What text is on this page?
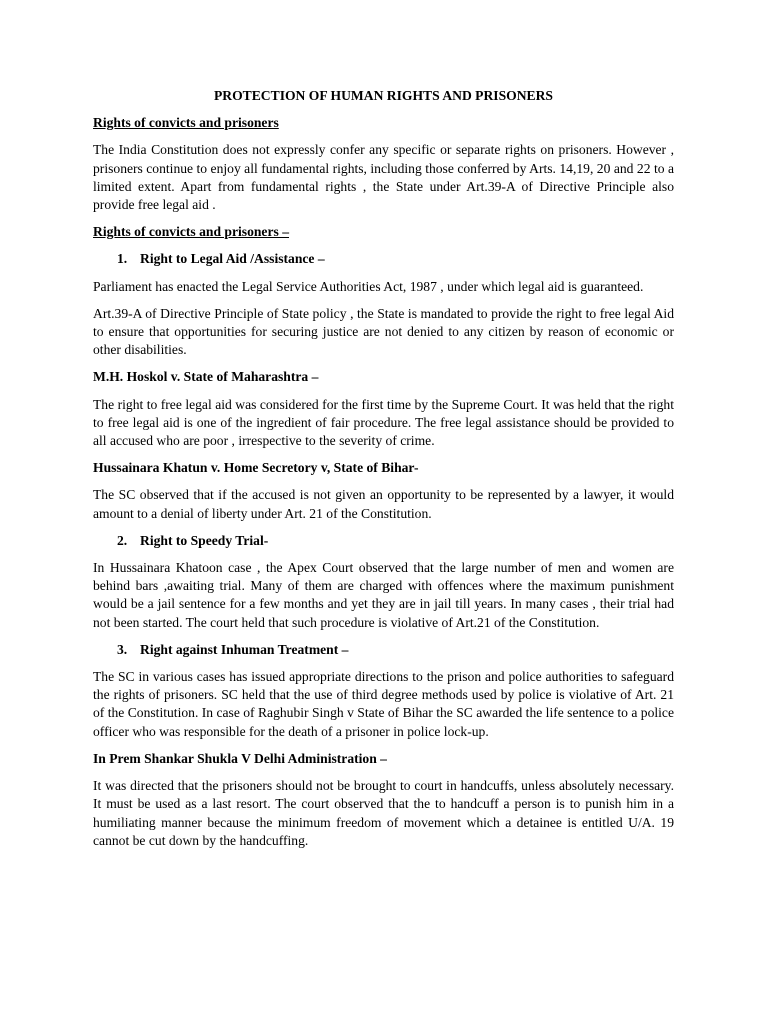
PROTECTION OF HUMAN RIGHTS AND PRISONERS

Rights of convicts and prisoners

The India Constitution does not expressly confer any specific or separate rights on prisoners. However , prisoners continue to enjoy all fundamental rights, including those conferred by Arts. 14,19, 20 and 22 to a limited extent. Apart from fundamental rights , the State under Art.39-A of Directive Principle also provide free legal aid .

Rights of convicts and prisoners –

1. Right to Legal Aid /Assistance –

Parliament has enacted the Legal Service Authorities Act, 1987 , under which legal aid is guaranteed.

Art.39-A of Directive Principle of State policy , the State is mandated to provide the right to free legal Aid to ensure that opportunities for securing justice are not denied to any citizen by reason of economic or other disabilities.

M.H. Hoskol v. State of Maharashtra –

The right to free legal aid was considered for the first time by the Supreme Court. It was held that the right to free legal aid is one of the ingredient of fair procedure. The free legal assistance should be provided to all accused who are poor , irrespective to the severity of crime.

Hussainara Khatun v. Home Secretory v, State of Bihar-

The SC observed that if the accused is not given an opportunity to be represented by a lawyer, it would amount to a denial of liberty under Art. 21 of the Constitution.

2. Right to Speedy Trial-

In Hussainara Khatoon case , the Apex Court observed that the large number of men and women are behind bars ,awaiting trial. Many of them are charged with offences where the maximum punishment would be a jail sentence for a few months and yet they are in jail till years. In many cases , their trial had not been started. The court held that such procedure is violative of Art.21 of the Constitution.

3. Right against Inhuman Treatment –

The SC in various cases has issued appropriate directions to the prison and police authorities to safeguard the rights of prisoners. SC held that the use of third degree methods used by police is violative of Art. 21 of the Constitution. In case of Raghubir Singh v State of Bihar the SC awarded the life sentence to a police officer who was responsible for the death of a prisoner in police lock-up.

In Prem Shankar Shukla V Delhi Administration –

It was directed that the prisoners should not be brought to court in handcuffs, unless absolutely necessary. It must be used as a last resort. The court observed that the to handcuff a person is to punish him in a humiliating manner because the minimum freedom of movement which a detainee is entitled U/A. 19 cannot be cut down by the handcuffing.
